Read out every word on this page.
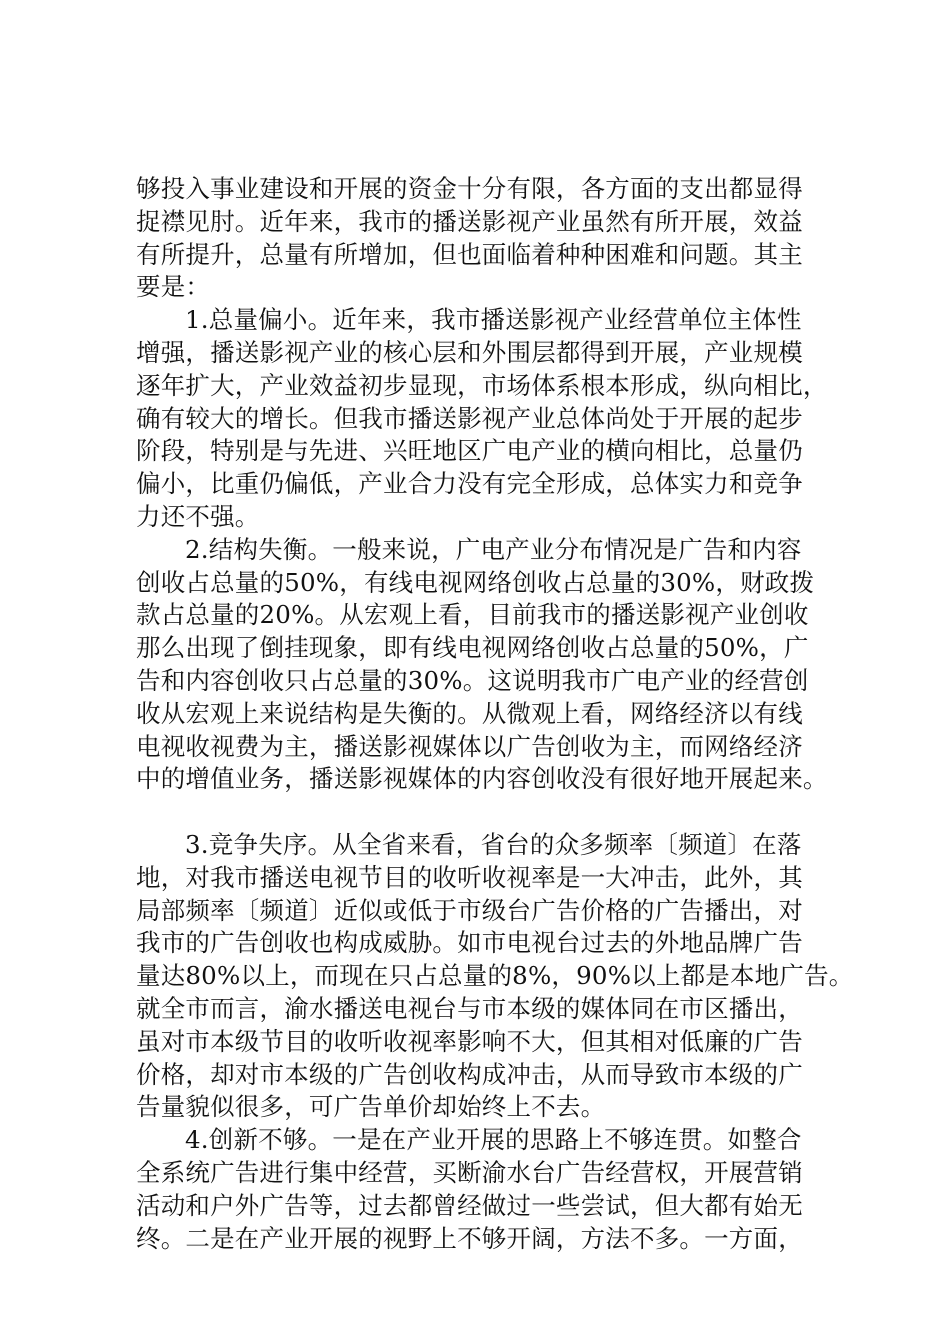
够投入事业建设和开展的资金十分有限，各方面的支出都显得
捉襟见肘。近年来，我市的播送影视产业虽然有所开展，效益
有所提升，总量有所增加，但也面临着种种困难和问题。其主
要是：
1.总量偏小。近年来，我市播送影视产业经营单位主体性
增强，播送影视产业的核心层和外围层都得到开展，产业规模
逐年扩大，产业效益初步显现，市场体系根本形成，纵向相比，
确有较大的增长。但我市播送影视产业总体尚处于开展的起步
阶段，特别是与先进、兴旺地区广电产业的横向相比，总量仍
偏小，比重仍偏低，产业合力没有完全形成，总体实力和竞争
力还不强。
2.结构失衡。一般来说，广电产业分布情况是广告和内容
创收占总量的50%，有线电视网络创收占总量的30%，财政拨
款占总量的20%。从宏观上看，目前我市的播送影视产业创收
那么出现了倒挂现象，即有线电视网络创收占总量的50%，广
告和内容创收只占总量的30%。这说明我市广电产业的经营创
收从宏观上来说结构是失衡的。从微观上看，网络经济以有线
电视收视费为主，播送影视媒体以广告创收为主，而网络经济
中的增值业务，播送影视媒体的内容创收没有很好地开展起来。
3.竞争失序。从全省来看，省台的众多频率〔频道〕在落
地，对我市播送电视节目的收听收视率是一大冲击，此外，其
局部频率〔频道〕近似或低于市级台广告价格的广告播出，对
我市的广告创收也构成威胁。如市电视台过去的外地品牌广告
量达80%以上，而现在只占总量的8%，90%以上都是本地广告。
就全市而言，渝水播送电视台与市本级的媒体同在市区播出，
虽对市本级节目的收听收视率影响不大，但其相对低廉的广告
价格，却对市本级的广告创收构成冲击，从而导致市本级的广
告量貌似很多，可广告单价却始终上不去。
4.创新不够。一是在产业开展的思路上不够连贯。如整合
全系统广告进行集中经营，买断渝水台广告经营权，开展营销
活动和户外广告等，过去都曾经做过一些尝试，但大都有始无
终。二是在产业开展的视野上不够开阔，方法不多。一方面，
